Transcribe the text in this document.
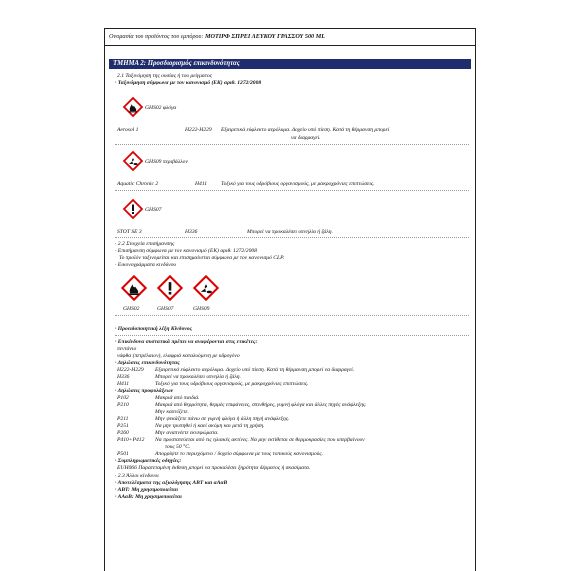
Ονομασία του προϊόντος του εμπόρου: ΜΟΤΙΡΦ ΣΠΡΕΙ ΛΕΥΚΟΥ ΓΡΑΣΣΟΥ 500 ML
ΤΜΗΜΑ 2: Προσδιορισμός επικινδυνότητας
2.1 Ταξινόμηση της ουσίας ή του μείγματος
· Ταξινόμηση σύμφωνα με τον κανονισμό (ΕΚ) αριθ. 1272/2008
GHS02 φλόγα
Aerosol 1	H222-H229 Εξαιρετικά εύφλεκτο αερόλυμα. Δοχείο υπό πίεση. Κατά τη θέρμανση μπορεί
να διαρραγεί.
GHS09 περιβάλλον
Aquatic Chronic 2	H411 Τοξικό για τους υδρόβιους οργανισμούς, με μακροχρόνιες επιπτώσεις.
GHS07
STOT SE 3	H336	Μπορεί να προκαλέσει υπνηλία ή ζάλη.
· 2.2 Στοιχεία επισήμανσης
· Επισήμανση σύμφωνα με τον κανονισμό (ΕΚ) αριθ. 1272/2008
Το προϊόν ταξινομείται και επισημαίνεται σύμφωνα με τον κανονισμό CLP.
· Εικονογράμματα κινδύνου
GHS02	GHS07	GHS09
· Προειδοποιητική λέξη Κίνδυνος
· Επικίνδυνα συστατικά πρέπει να αναφέρονται στις ετικέτες:
πεντάνιο
νάφθα (πετρέλαιον), ελαφριά καταλυόμενη με υδρογόνο
· Δηλώσεις επικινδυνότητας
H222-H229 Εξαιρετικά εύφλεκτο αερόλυμα. Δοχείο υπό πίεση. Κατά τη θέρμανση μπορεί να διαρραγεί.
H336	Μπορεί να προκαλέσει υπνηλία ή ζάλη.
H411	Τοξικό για τους υδρόβιους οργανισμούς, με μακροχρόνιες επιπτώσεις.
· Δηλώσεις προφυλάξεων
P102	Μακριά από παιδιά.
P210	Μακριά από θερμότητα, θερμές επιφάνειες, σπινθήρες, γυμνή φλόγα και άλλες πηγές ανάφλεξης.
Μην καπνίζετε.
P211	Μην ψεκάζετε πάνω σε γυμνή φλόγα ή άλλη πηγή ανάφλεξης.
P251	Να μην τρυπηθεί ή καεί ακόμη και μετά τη χρήση.
P260	Μην αναπνέετε εκνεφώματα.
P410+P412 Να προστατεύεται από τις ηλιακές ακτίνες. Να μην εκτίθεται σε θερμοκρασίες που υπερβαίνουν
τους 50 °C.
P501	Απορρίψτε το περιεχόμενο / δοχείο σύμφωνα με τους τοπικούς κανονισμούς.
· Συμπληρωματικές οδηγίες:
EUH066 Παρατεταμένη έκθεση μπορεί να προκαλέσει ξηρότητα δέρματος ή σκασίματα.
· 2.3 Άλλοι κίνδυνοι
· Αποτελέσματα της αξιολόγησης ΑΒΤ και αΑαΒ
· ΑΒΤ: Μη χρησιμοποιείται
· ΑΑαΒ: Μη χρησιμοποιείται
